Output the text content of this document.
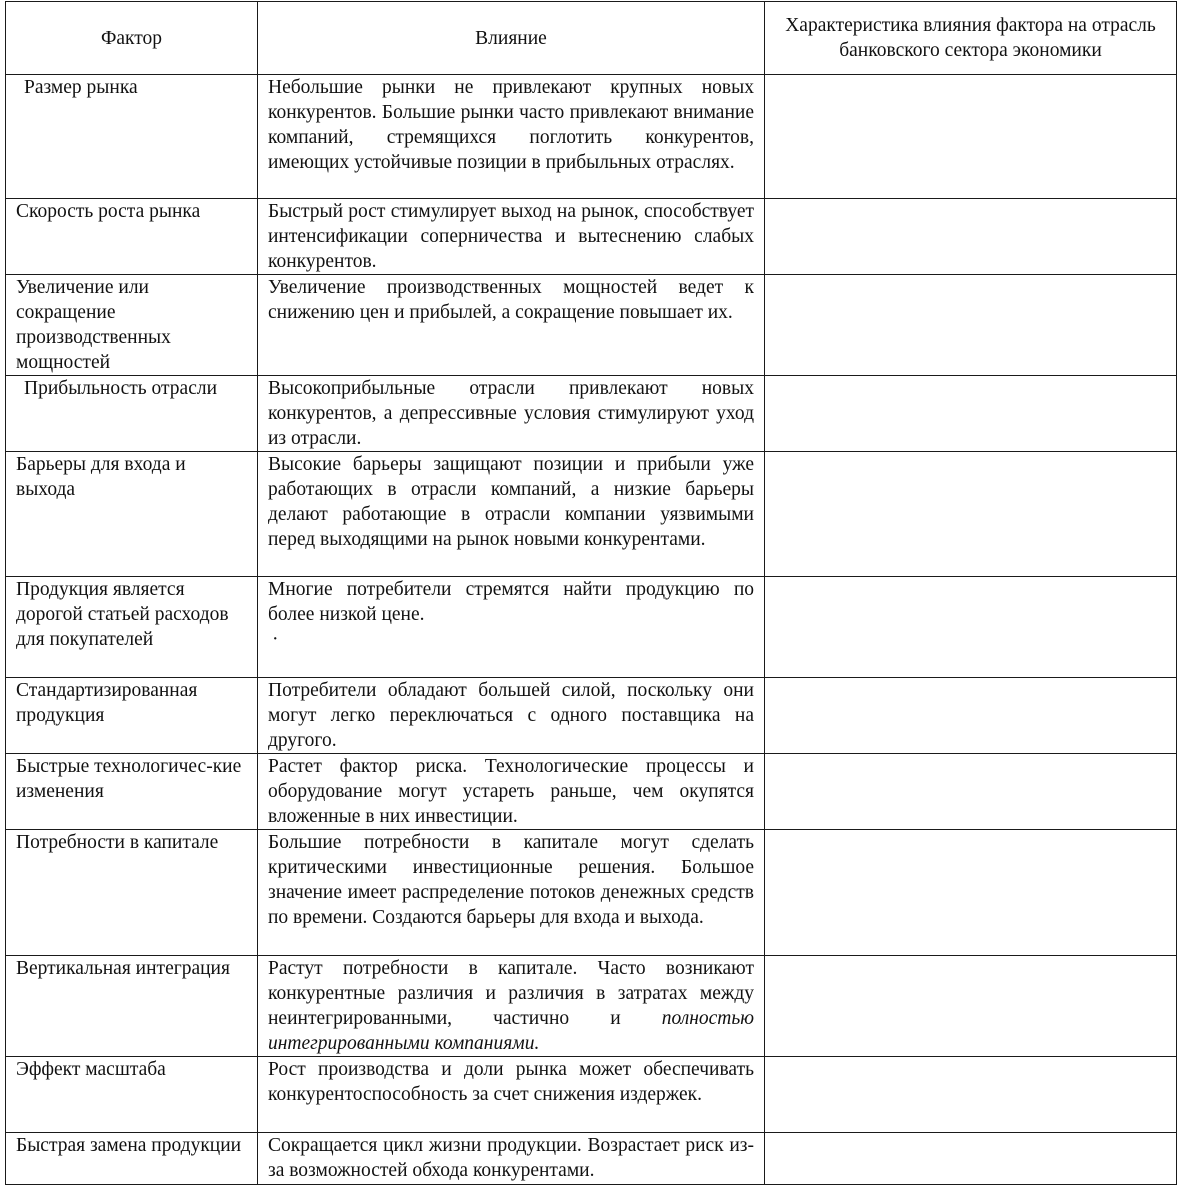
Фактор	Влияние	Характеристика влияния фактора на отрасль банковского сектора экономики
Размер рынка	Небольшие рынки не привлекают крупных новых конкурентов. Большие рынки часто привлекают внимание компаний, стремящихся поглотить конкурентов, имеющих устойчивые позиции в прибыльных отраслях.	
Скорость роста рынка	Быстрый рост стимулирует выход на рынок, способствует интенсификации соперничества и вытеснению слабых конкурентов.	
Увеличение или сокращение производственных мощностей	Увеличение производственных мощностей ведет к снижению цен и прибылей, а сокращение повышает их.	
Прибыльность отрасли	Высокоприбыльные отрасли привлекают новых конкурентов, а депрессивные условия стимулируют уход из отрасли.	
Барьеры для входа и выхода	Высокие барьеры защищают позиции и прибыли уже работающих в отрасли компаний, а низкие барьеры делают работающие в отрасли компании уязвимыми перед выходящими на рынок новыми конкурентами.	
Продукция является дорогой статьей расходов для покупателей	Многие потребители стремятся найти продукцию по более низкой цене.
·	

Стандартизированная продукция	Потребители обладают большей силой, поскольку они могут легко переключаться с одного поставщика на другого.	
Быстрые технологичес-кие изменения	Растет фактор риска. Технологические процессы и оборудование могут устареть раньше, чем окупятся вложенные в них инвестиции.	
Потребности в капитале	Большие потребности в капитале могут сделать критическими инвестиционные решения. Большое значение имеет распределение потоков денежных средств по времени. Создаются барьеры для входа и выхода.	
Вертикальная интеграция	Растут потребности в капитале. Часто возникают конкурентные различия и различия в затратах между неинтегрированными, частично и полностью интегрированными компаниями.	
Эффект масштаба	Рост производства и доли рынка может обеспечивать конкурентоспособность за счет снижения издержек.	
Быстрая замена продукции	Сокращается цикл жизни продукции. Возрастает риск из-за возможностей обхода конкурентами.	
